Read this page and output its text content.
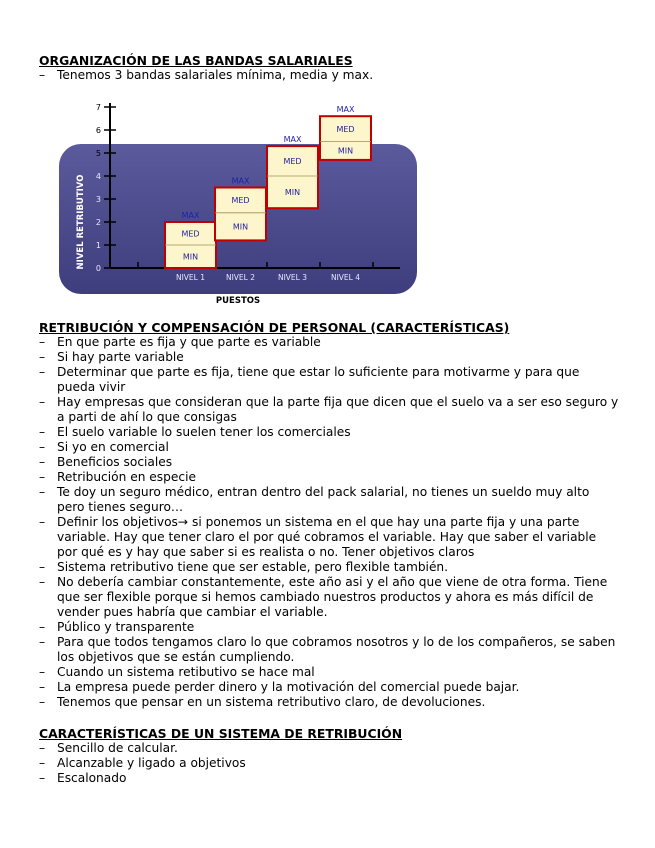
ORGANIZACIÓN DE LAS BANDAS SALARIALES
– Tenemos 3 bandas salariales mínima, media y max.
0
1
2
3
4
5
6
7
MED
MIN
MAX
MED
MIN
MAX
MED
MIN
MAX
MED
MIN
MAX
NIVEL 1	NIVEL 2	NIVEL 3	NIVEL 4
NIVEL RETRIBUTIVO
PUESTOS
RETRIBUCIÓN Y COMPENSACIÓN DE PERSONAL (CARACTERÍSTICAS)
– En que parte es fija y que parte es variable
– Si hay parte variable
– Determinar que parte es fija, tiene que estar lo suficiente para motivarme y para que pueda vivir
– Hay empresas que consideran que la parte fija que dicen que el suelo va a ser eso seguro y a parti de ahí lo que consigas
– El suelo variable lo suelen tener los comerciales
– Si yo en comercial
– Beneficios sociales
– Retribución en especie
– Te doy un seguro médico, entran dentro del pack salarial, no tienes un sueldo muy alto pero tienes seguro…
– Definir los objetivos→ si ponemos un sistema en el que hay una parte fija y una parte variable. Hay que tener claro el por qué cobramos el variable. Hay que saber el variable por qué es y hay que saber si es realista o no. Tener objetivos claros
– Sistema retributivo tiene que ser estable, pero flexible también.
– No debería cambiar constantemente, este año asi y el año que viene de otra forma. Tiene que ser flexible porque si hemos cambiado nuestros productos y ahora es más difícil de vender pues habría que cambiar el variable.
– Público y transparente
– Para que todos tengamos claro lo que cobramos nosotros y lo de los compañeros, se saben los objetivos que se están cumpliendo.
– Cuando un sistema retibutivo se hace mal
– La empresa puede perder dinero y la motivación del comercial puede bajar.
– Tenemos que pensar en un sistema retributivo claro, de devoluciones.
CARACTERÍSTICAS DE UN SISTEMA DE RETRIBUCIÓN
– Sencillo de calcular.
– Alcanzable y ligado a objetivos
– Escalonado
